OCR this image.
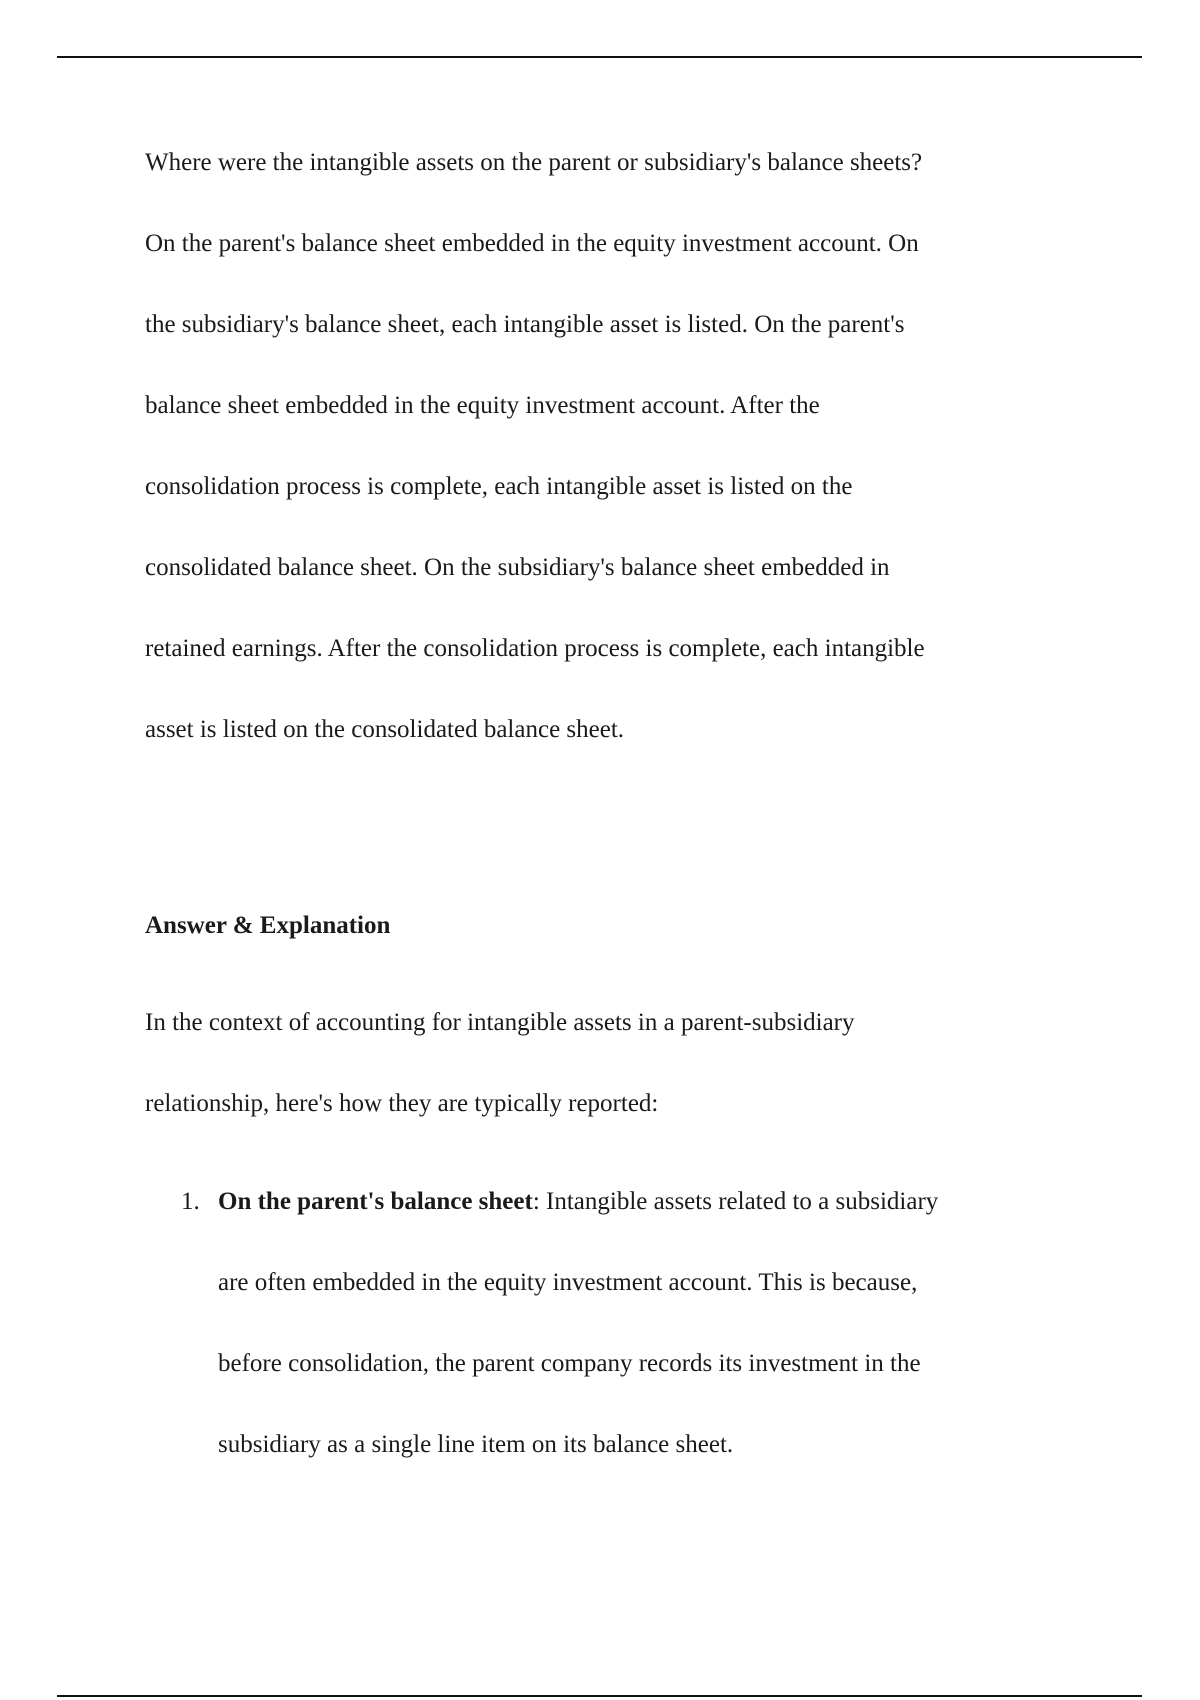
Where were the intangible assets on the parent or subsidiary's balance sheets?
On the parent's balance sheet embedded in the equity investment account. On
the subsidiary's balance sheet, each intangible asset is listed. On the parent's
balance sheet embedded in the equity investment account. After the
consolidation process is complete, each intangible asset is listed on the
consolidated balance sheet. On the subsidiary's balance sheet embedded in
retained earnings. After the consolidation process is complete, each intangible
asset is listed on the consolidated balance sheet.
Answer & Explanation
In the context of accounting for intangible assets in a parent-subsidiary
relationship, here's how they are typically reported:
1. On the parent's balance sheet: Intangible assets related to a subsidiary
are often embedded in the equity investment account. This is because,
before consolidation, the parent company records its investment in the
subsidiary as a single line item on its balance sheet.
